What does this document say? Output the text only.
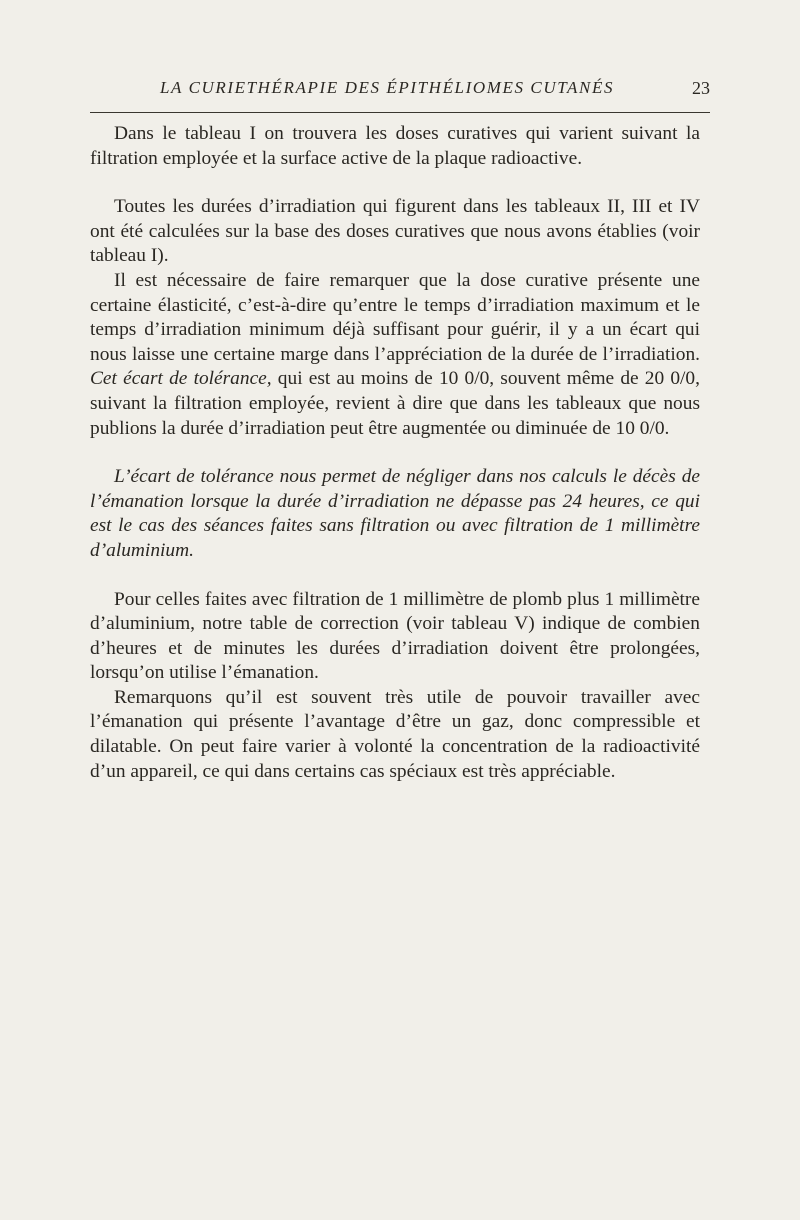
LA CURIETHÉRAPIE DES ÉPITHÉLIOMES CUTANÉS	23

Dans le tableau I on trouvera les doses curatives qui varient suivant la filtration employée et la surface active de la plaque radioactive.

Toutes les durées d’irradiation qui figurent dans les tableaux II, III et IV ont été calculées sur la base des doses curatives que nous avons établies (voir tableau I).

Il est nécessaire de faire remarquer que la dose curative présente une certaine élasticité, c’est-à-dire qu’entre le temps d’irradiation maximum et le temps d’irradiation minimum déjà suffisant pour guérir, il y a un écart qui nous laisse une certaine marge dans l’appréciation de la durée de l’irradiation. Cet écart de tolérance, qui est au moins de 10 0/0, souvent même de 20 0/0, suivant la filtration employée, revient à dire que dans les tableaux que nous publions la durée d’irradiation peut être augmentée ou diminuée de 10 0/0.

L’écart de tolérance nous permet de négliger dans nos calculs le décès de l’émanation lorsque la durée d’irradiation ne dépasse pas 24 heures, ce qui est le cas des séances faites sans filtration ou avec filtration de 1 millimètre d’aluminium.

Pour celles faites avec filtration de 1 millimètre de plomb plus 1 millimètre d’aluminium, notre table de correction (voir tableau V) indique de combien d’heures et de minutes les durées d’irradiation doivent être prolongées, lorsqu’on utilise l’émanation.

Remarquons qu’il est souvent très utile de pouvoir travailler avec l’émanation qui présente l’avantage d’être un gaz, donc compressible et dilatable. On peut faire varier à volonté la concentration de la radioactivité d’un appareil, ce qui dans certains cas spéciaux est très appréciable.
